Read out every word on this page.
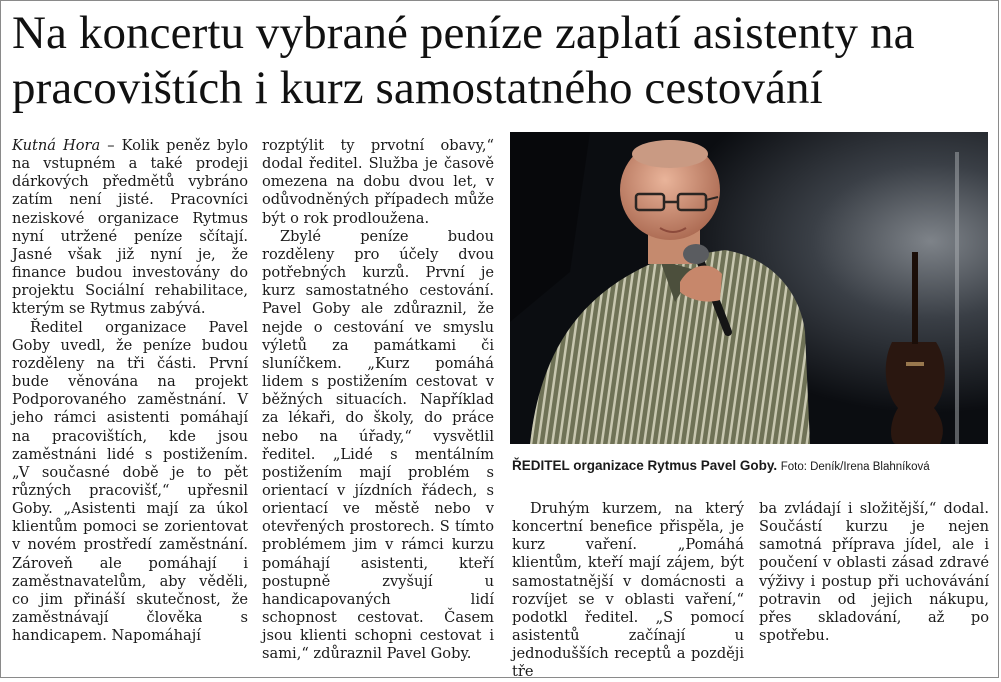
Na koncertu vybrané peníze zaplatí asistenty na pracovištích i kurz samostatného cestování

Kutná Hora – Kolik peněz bylo na vstupném a také prodeji dárkových předmětů vybráno zatím není jisté. Pracovníci neziskové organizace Rytmus nyní utržené peníze sčítají. Jasné však již nyní je, že finance budou investovány do projektu Sociální rehabilitace, kterým se Rytmus zabývá.

Ředitel organizace Pavel Goby uvedl, že peníze budou rozděleny na tři části. První bude věnována na projekt Podporovaného zaměstnání. V jeho rámci asistenti pomáhají na pracovištích, kde jsou zaměstnáni lidé s postižením. „V současné době je to pět různých pracovišť,“ upřesnil Goby. „Asistenti mají za úkol klientům pomoci se zorientovat v novém prostředí zaměstnání. Zároveň ale pomáhají i zaměstnavatelům, aby věděli, co jim přináší skutečnost, že zaměstnávají člověka s handicapem. Napomáhají

rozptýlit ty prvotní obavy,“ dodal ředitel. Služba je časově omezena na dobu dvou let, v odůvodněných případech může být o rok prodloužena.

Zbylé peníze budou rozděleny pro účely dvou potřebných kurzů. První je kurz samostatného cestování. Pavel Goby ale zdůraznil, že nejde o cestování ve smyslu výletů za památkami či sluníčkem. „Kurz pomáhá lidem s postižením cestovat v běžných situacích. Například za lékaři, do školy, do práce nebo na úřady,“ vysvětlil ředitel. „Lidé s mentálním postižením mají problém s orientací v jízdních řádech, s orientací ve městě nebo v otevřených prostorech. S tímto problémem jim v rámci kurzu pomáhají asistenti, kteří postupně zvyšují u handicapovaných lidí schopnost cestovat. Časem jsou klienti schopni cestovat i sami,“ zdůraznil Pavel Goby.

ŘEDITEL organizace Rytmus Pavel Goby. Foto: Deník/Irena Blahníková

Druhým kurzem, na který koncertní benefice přispěla, je kurz vaření. „Pomáhá klientům, kteří mají zájem, být samostatnější v domácnosti a rozvíjet se v oblasti vaření,“ podotkl ředitel. „S pomocí asistentů začínají u jednodušších receptů a později tře

ba zvládají i složitější,“ dodal. Součástí kurzu je nejen samotná příprava jídel, ale i poučení v oblasti zásad zdravé výživy i postup při uchovávání potravin od jejich nákupu, přes skladování, až po spotřebu.
